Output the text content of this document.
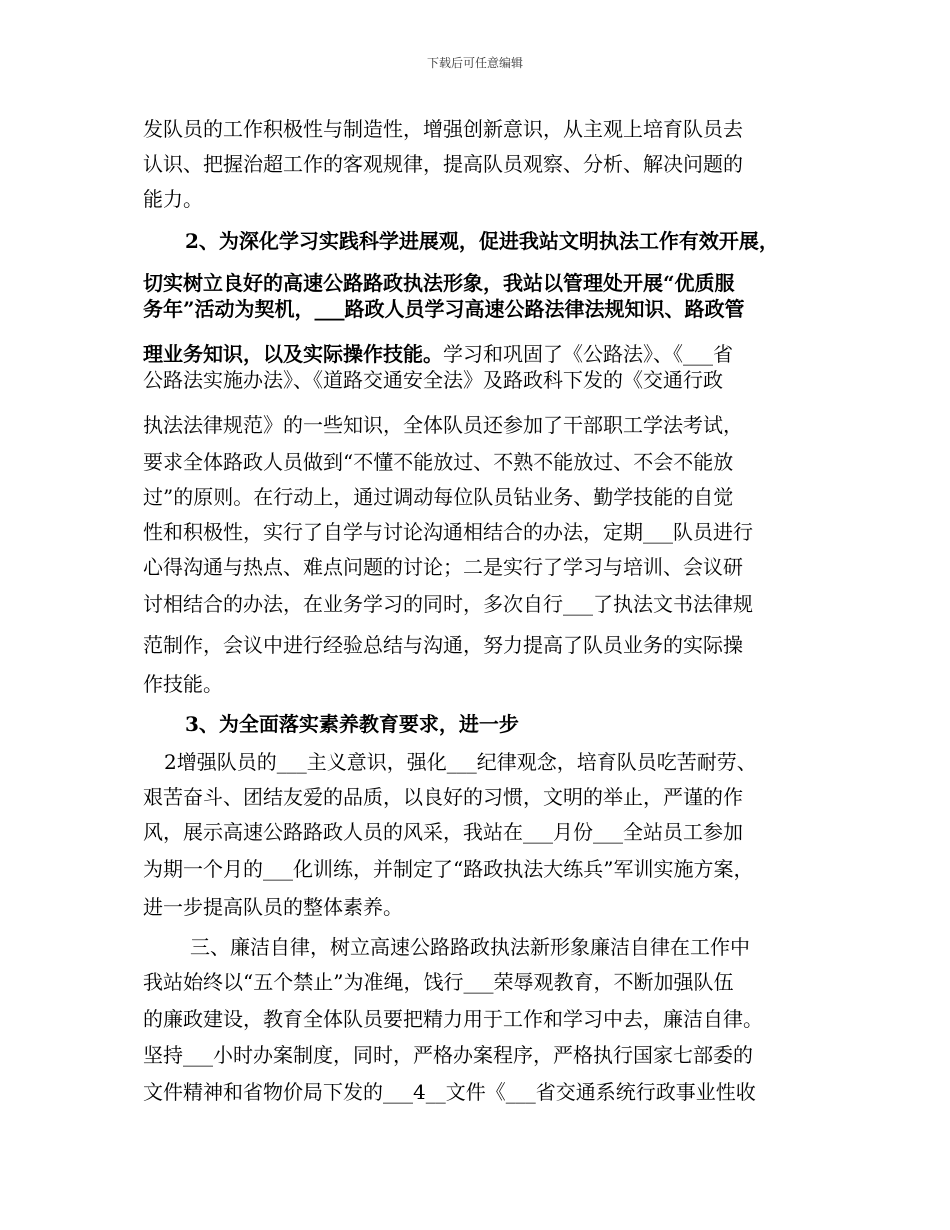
下载后可任意编辑
发队员的工作积极性与制造性，增强创新意识，从主观上培育队员去
认识、把握治超工作的客观规律，提高队员观察、分析、解决问题的
能力。
2、为深化学习实践科学进展观，促进我站文明执法工作有效开展，
切实树立良好的高速公路路政执法形象，我站以管理处开展“优质服
务年”活动为契机，___路政人员学习高速公路法律法规知识、路政管
理业务知识，以及实际操作技能。学习和巩固了《公路法》、《___省
公路法实施办法》、《道路交通安全法》及路政科下发的《交通行政
执法法律规范》的一些知识，全体队员还参加了干部职工学法考试，
要求全体路政人员做到“不懂不能放过、不熟不能放过、不会不能放
过”的原则。在行动上，通过调动每位队员钻业务、勤学技能的自觉
性和积极性，实行了自学与讨论沟通相结合的办法，定期___队员进行
心得沟通与热点、难点问题的讨论；二是实行了学习与培训、会议研
讨相结合的办法，在业务学习的同时，多次自行___了执法文书法律规
范制作，会议中进行经验总结与沟通，努力提高了队员业务的实际操
作技能。
3、为全面落实素养教育要求，进一步
2增强队员的___主义意识，强化___纪律观念，培育队员吃苦耐劳、
艰苦奋斗、团结友爱的品质，以良好的习惯，文明的举止，严谨的作
风，展示高速公路路政人员的风采，我站在___月份___全站员工参加
为期一个月的___化训练，并制定了“路政执法大练兵”军训实施方案，
进一步提高队员的整体素养。
三、廉洁自律，树立高速公路路政执法新形象廉洁自律在工作中
我站始终以“五个禁止”为准绳，饯行___荣辱观教育，不断加强队伍
的廉政建设，教育全体队员要把精力用于工作和学习中去，廉洁自律。
坚持___小时办案制度，同时，严格办案程序，严格执行国家七部委的
文件精神和省物价局下发的___4__文件《___省交通系统行政事业性收
